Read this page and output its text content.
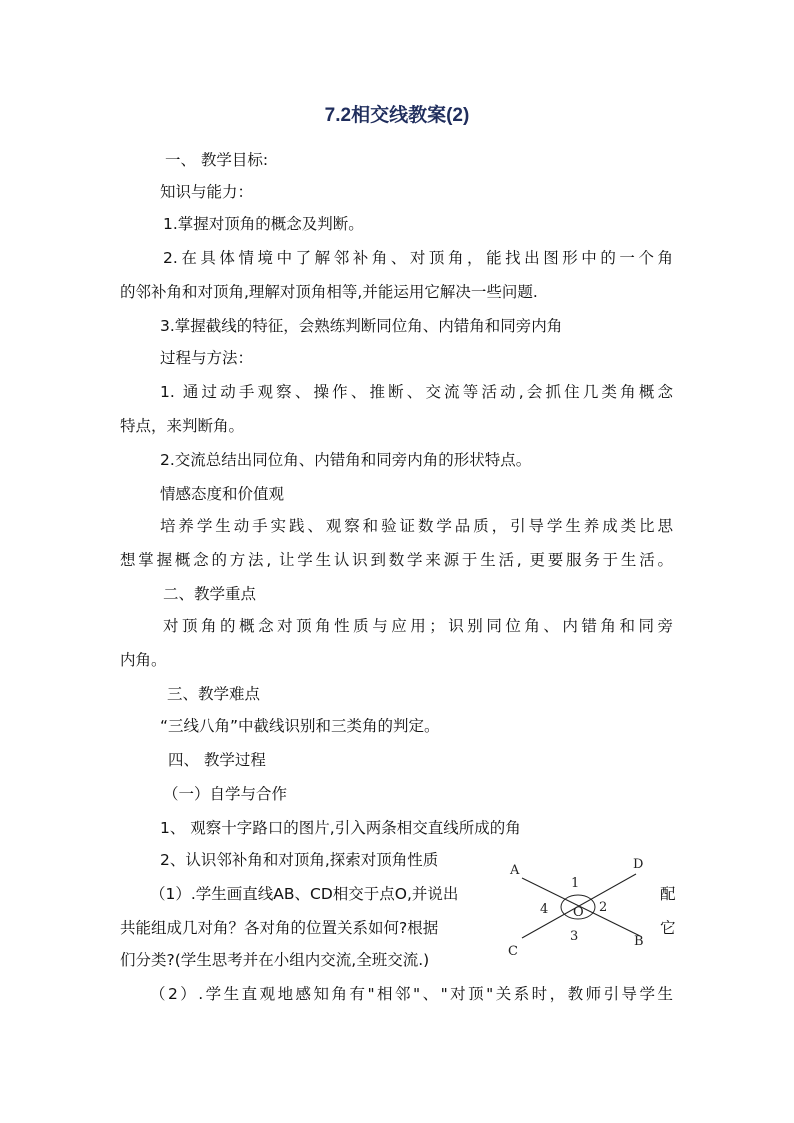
7.2相交线教案(2)
一、 教学目标:
知识与能力：
1.掌握对顶角的概念及判断。
2.在具体情境中了解邻补角、对顶角，能找出图形中的一个角
的邻补角和对顶角,理解对顶角相等,并能运用它解决一些问题.
3.掌握截线的特征，会熟练判断同位角、内错角和同旁内角
过程与方法：
1. 通过动手观察、操作、推断、交流等活动,会抓住几类角概念
特点，来判断角。
2.交流总结出同位角、内错角和同旁内角的形状特点。
情感态度和价值观
培养学生动手实践、观察和验证数学品质，引导学生养成类比思
想掌握概念的方法, 让学生认识到数学来源于生活, 更要服务于生活。
二、教学重点
对顶角的概念对顶角性质与应用；识别同位角、内错角和同旁
内角。
三、教学难点
“三线八角”中截线识别和三类角的判定。
四、 教学过程
（一）自学与合作
1、 观察十字路口的图片,引入两条相交直线所成的角
2、认识邻补角和对顶角,探索对顶角性质
（1）.学生画直线AB、CD相交于点O,并说出
共能组成几对角？各对角的位置关系如何?根据
们分类?(学生思考并在小组内交流,全班交流.)
（2）.学生直观地感知角有"相邻"、"对顶"关系时，教师引导学生
配
它
A
B
C
D
O
1
2
3
4
